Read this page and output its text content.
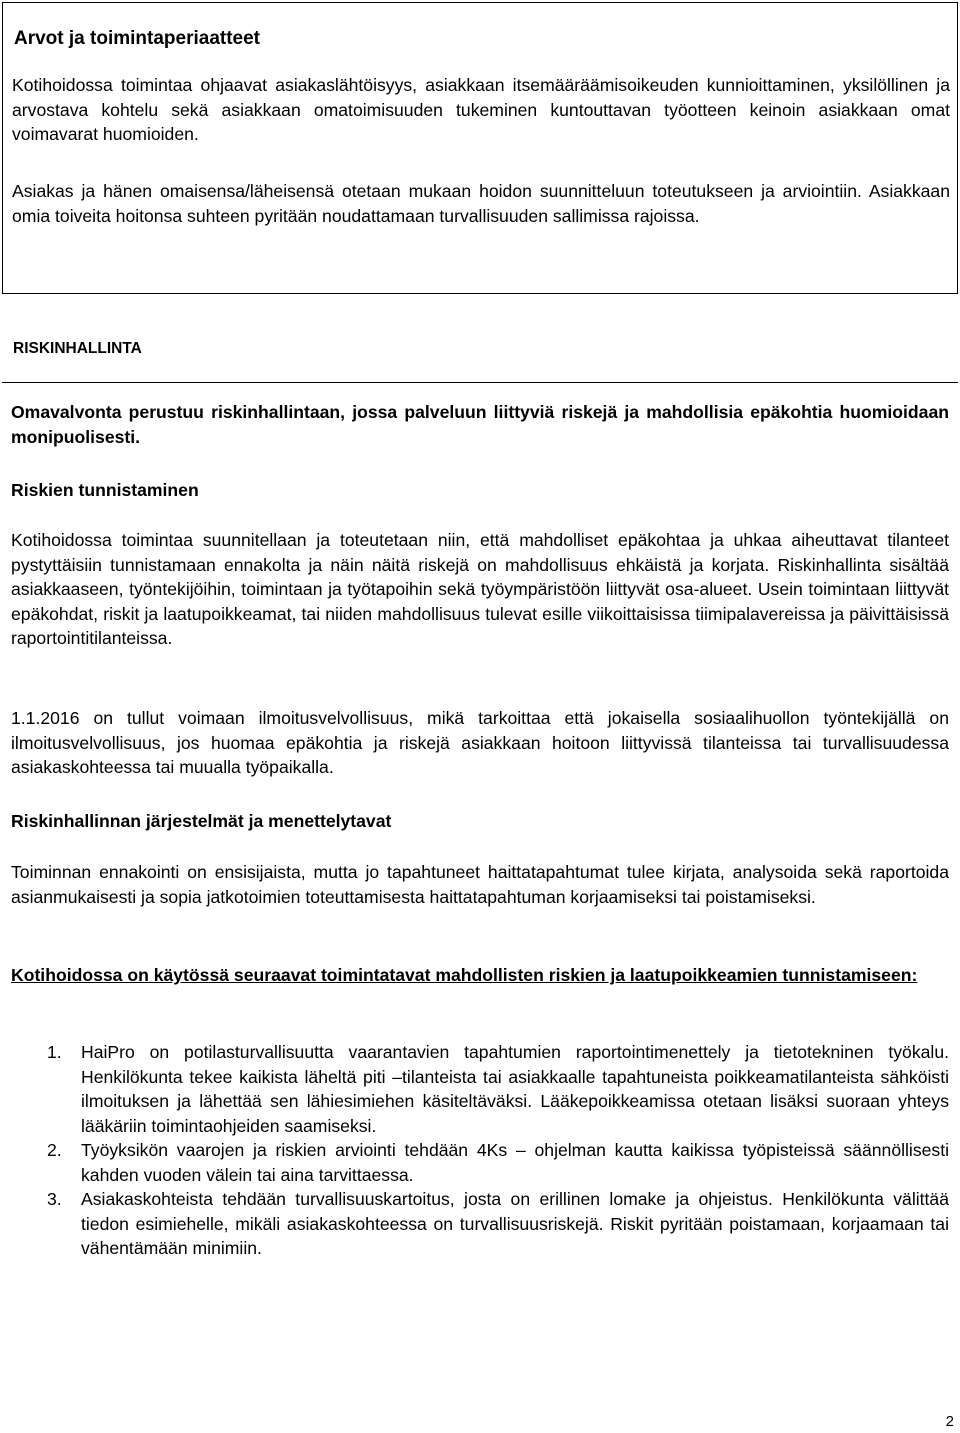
Arvot ja toimintaperiaatteet

Kotihoidossa toimintaa ohjaavat asiakaslähtöisyys, asiakkaan itsemääräämisoikeuden kunnioittaminen, yksilöllinen ja arvostava kohtelu sekä asiakkaan omatoimisuuden tukeminen kuntouttavan työotteen keinoin asiakkaan omat voimavarat huomioiden.

Asiakas ja hänen omaisensa/läheisensä otetaan mukaan hoidon suunnitteluun toteutukseen ja arviointiin. Asiakkaan omia toiveita hoitonsa suhteen pyritään noudattamaan turvallisuuden sallimissa rajoissa.

RISKINHALLINTA

Omavalvonta perustuu riskinhallintaan, jossa palveluun liittyviä riskejä ja mahdollisia epäkohtia huomioidaan monipuolisesti.

Riskien tunnistaminen

Kotihoidossa toimintaa suunnitellaan ja toteutetaan niin, että mahdolliset epäkohtaa ja uhkaa aiheuttavat tilanteet pystyttäisiin tunnistamaan ennakolta ja näin näitä riskejä on mahdollisuus ehkäistä ja korjata. Riskinhallinta sisältää asiakkaaseen, työntekijöihin, toimintaan ja työtapoihin sekä työympäristöön liittyvät osa-alueet. Usein toimintaan liittyvät epäkohdat, riskit ja laatupoikkeamat, tai niiden mahdollisuus tulevat esille viikoittaisissa tiimipalavereissa ja päivittäisissä raportointitilanteissa.

1.1.2016 on tullut voimaan ilmoitusvelvollisuus, mikä tarkoittaa että jokaisella sosiaalihuollon työntekijällä on ilmoitusvelvollisuus, jos huomaa epäkohtia ja riskejä asiakkaan hoitoon liittyvissä tilanteissa tai turvallisuudessa asiakaskohteessa tai muualla työpaikalla.

Riskinhallinnan järjestelmät ja menettelytavat

Toiminnan ennakointi on ensisijaista, mutta jo tapahtuneet haittatapahtumat tulee kirjata, analysoida sekä raportoida asianmukaisesti ja sopia jatkotoimien toteuttamisesta haittatapahtuman korjaamiseksi tai poistamiseksi.

Kotihoidossa on käytössä seuraavat toimintatavat mahdollisten riskien ja laatupoikkeamien tunnistamiseen:

1. HaiPro on potilasturvallisuutta vaarantavien tapahtumien raportointimenettely ja tietotekninen työkalu. Henkilökunta tekee kaikista läheltä piti –tilanteista tai asiakkaalle tapahtuneista poikkeamatilanteista sähköisti ilmoituksen ja lähettää sen lähiesimiehen käsiteltäväksi. Lääkepoikkeamissa otetaan lisäksi suoraan yhteys lääkäriin toimintaohjeiden saamiseksi.
2. Työyksikön vaarojen ja riskien arviointi tehdään 4Ks – ohjelman kautta kaikissa työpisteissä säännöllisesti kahden vuoden välein tai aina tarvittaessa.
3. Asiakaskohteista tehdään turvallisuuskartoitus, josta on erillinen lomake ja ohjeistus. Henkilökunta välittää tiedon esimiehelle, mikäli asiakaskohteessa on turvallisuusriskejä. Riskit pyritään poistamaan, korjaamaan tai vähentämään minimiin.
2
